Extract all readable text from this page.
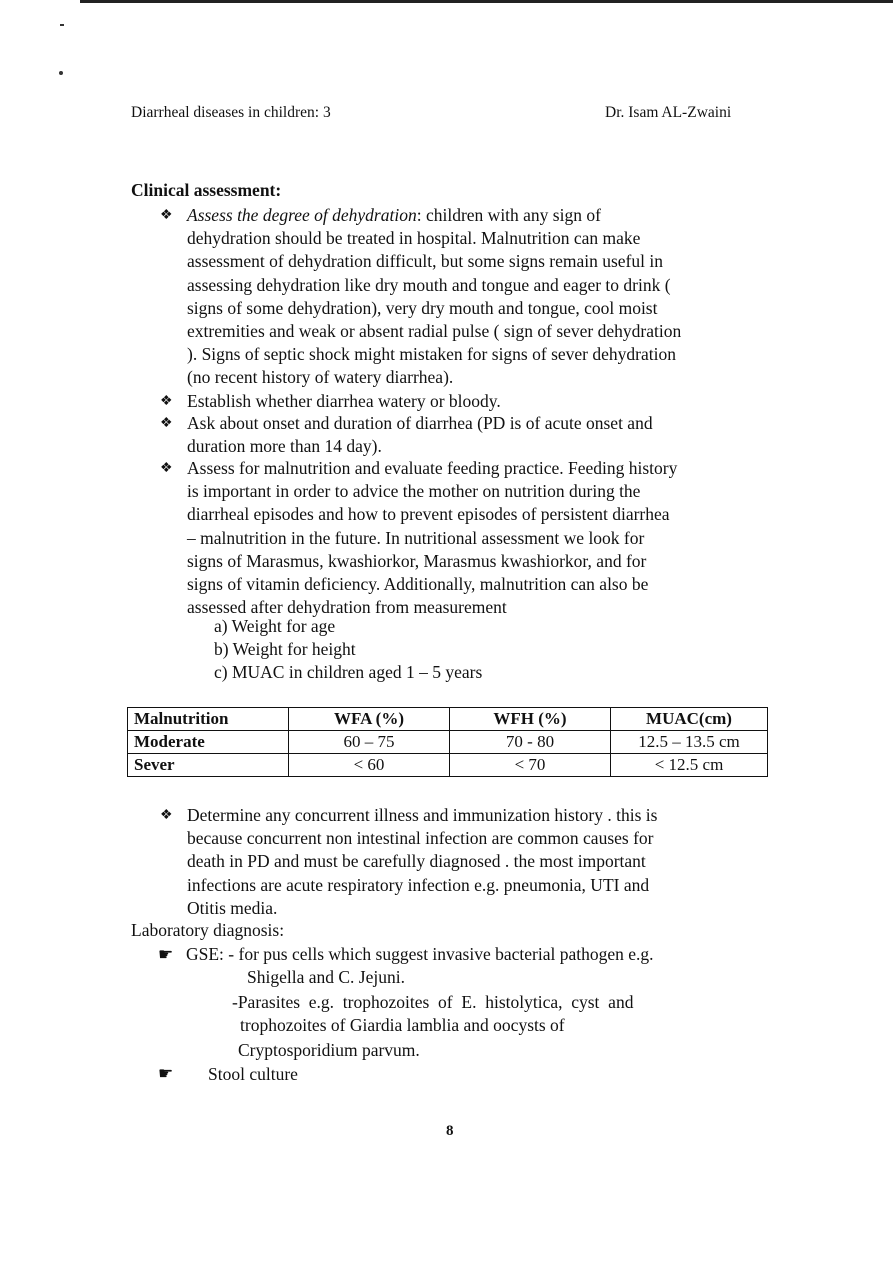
Diarrheal diseases in children: 3	Dr. Isam AL-Zwaini
Clinical assessment:
❖ Assess the degree of dehydration: children with any sign of
dehydration should be treated in hospital. Malnutrition can make
assessment of dehydration difficult, but some signs remain useful in
assessing dehydration like dry mouth and tongue and eager to drink (
signs of some dehydration), very dry mouth and tongue, cool moist
extremities and weak or absent radial pulse ( sign of sever dehydration
). Signs of septic shock might mistaken for signs of sever dehydration
(no recent history of watery diarrhea).
❖ Establish whether diarrhea watery or bloody.
❖ Ask about onset and duration of diarrhea (PD is of acute onset and
duration more than 14 day).
❖ Assess for malnutrition and evaluate feeding practice. Feeding history
is important in order to advice the mother on nutrition during the
diarrheal episodes and how to prevent episodes of persistent diarrhea
– malnutrition in the future. In nutritional assessment we look for
signs of Marasmus, kwashiorkor, Marasmus kwashiorkor, and for
signs of vitamin deficiency. Additionally, malnutrition can also be
assessed after dehydration from measurement
a) Weight for age
b) Weight for height
c) MUAC in children aged 1 – 5 years
Malnutrition	WFA (%)	WFH (%)	MUAC(cm)
Moderate	60 – 75	70 - 80	12.5 – 13.5 cm
Sever	< 60	< 70	< 12.5 cm
❖ Determine any concurrent illness and immunization history . this is
because concurrent non intestinal infection are common causes for
death in PD and must be carefully diagnosed . the most important
infections are acute respiratory infection e.g. pneumonia, UTI and
Otitis media.
Laboratory diagnosis:
☛ GSE: - for pus cells which suggest invasive bacterial pathogen e.g.
Shigella and C. Jejuni.
-Parasites  e.g.  trophozoites  of  E.  histolytica,  cyst  and
trophozoites of Giardia lamblia and oocysts of
Cryptosporidium parvum.
☛ Stool culture
8
